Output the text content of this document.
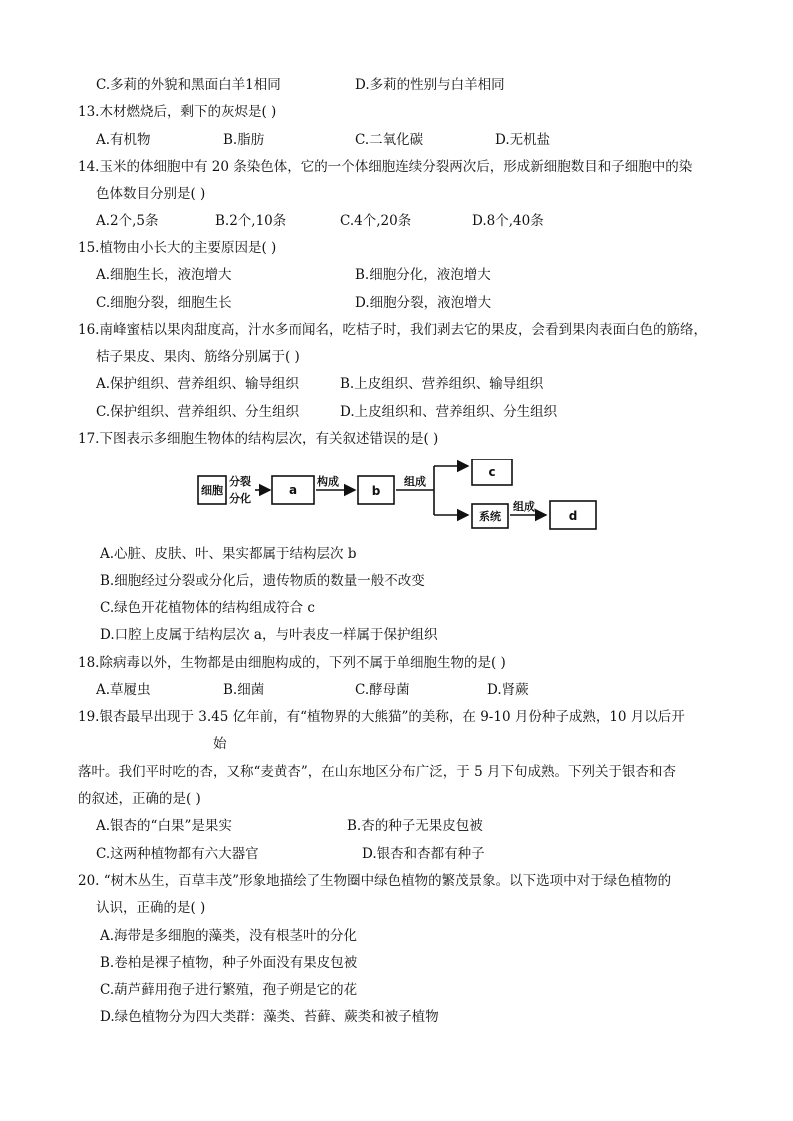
C.多莉的外貌和黑面白羊1相同	D.多莉的性别与白羊相同
13.木材燃烧后，剩下的灰烬是( )
A.有机物	B.脂肪	C.二氧化碳	D.无机盐
14.玉米的体细胞中有 20 条染色体，它的一个体细胞连续分裂两次后，形成新细胞数目和子细胞中的染
色体数目分别是( )
A.2个,5条	B.2个,10条	C.4个,20条	D.8个,40条
15.植物由小长大的主要原因是( )
A.细胞生长，液泡增大	B.细胞分化，液泡增大
C.细胞分裂，细胞生长	D.细胞分裂，液泡增大
16.南峰蜜桔以果肉甜度高，汁水多而闻名，吃桔子时，我们剥去它的果皮，会看到果肉表面白色的筋络，
桔子果皮、果肉、筋络分别属于( )
A.保护组织、营养组织、输导组织	B.上皮组织、营养组织、输导组织
C.保护组织、营养组织、分生组织	D.上皮组织和、营养组织、分生组织
17.下图表示多细胞生物体的结构层次，有关叙述错误的是( )
细胞
分裂
分化
a
构成
b
组成
c
系统
组成
d
A.心脏、皮肤、叶、果实都属于结构层次 b
B.细胞经过分裂或分化后，遗传物质的数量一般不改变
C.绿色开花植物体的结构组成符合 c
D.口腔上皮属于结构层次 a，与叶表皮一样属于保护组织
18.除病毒以外，生物都是由细胞构成的，下列不属于单细胞生物的是( )
A.草履虫	B.细菌	C.酵母菌	D.肾蕨
19.银杏最早出现于 3.45 亿年前，有“植物界的大熊猫”的美称，在 9-10 月份种子成熟，10 月以后开
始
落叶。我们平时吃的杏，又称“麦黄杏”，在山东地区分布广泛，于 5 月下旬成熟。下列关于银杏和杏
的叙述，正确的是( )
A.银杏的“白果”是果实	B.杏的种子无果皮包被
C.这两种植物都有六大器官	D.银杏和杏都有种子
20. “树木丛生，百草丰茂”形象地描绘了生物圈中绿色植物的繁茂景象。以下选项中对于绿色植物的
认识，正确的是( )
A.海带是多细胞的藻类，没有根茎叶的分化
B.卷柏是裸子植物，种子外面没有果皮包被
C.葫芦藓用孢子进行繁殖，孢子朔是它的花
D.绿色植物分为四大类群：藻类、苔藓、蕨类和被子植物
